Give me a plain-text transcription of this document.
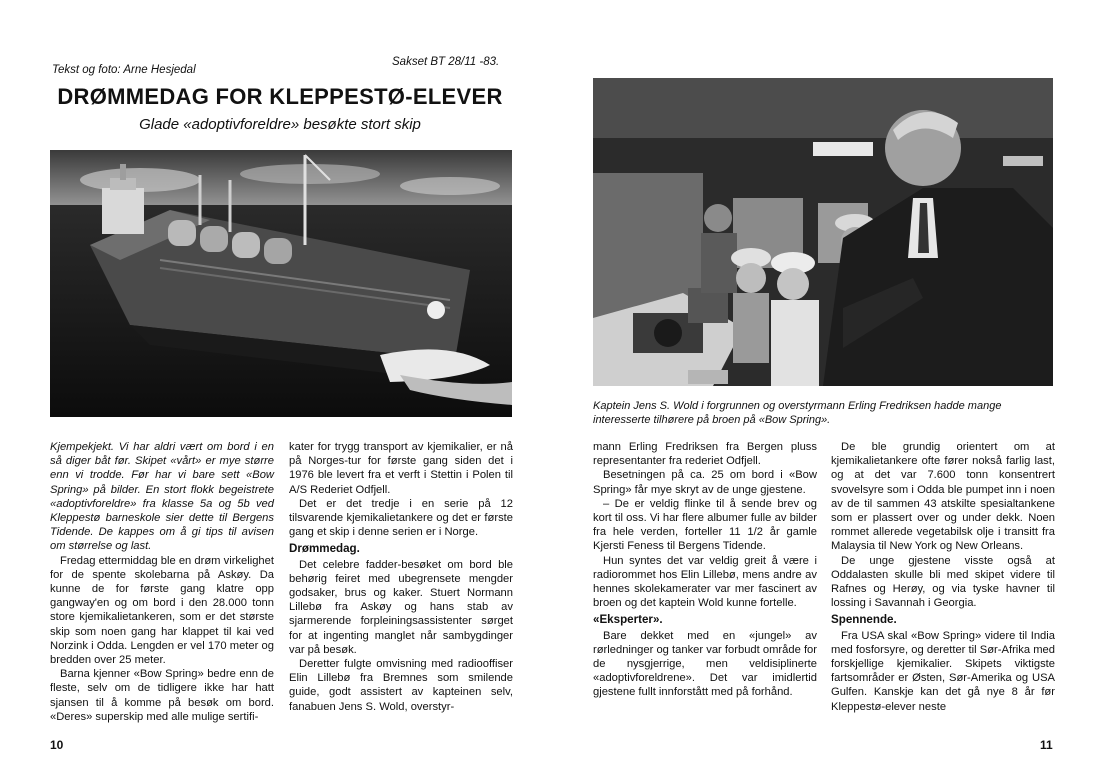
Tekst og foto: Arne Hesjedal
Sakset BT 28/11 -83.
DRØMMEDAG FOR KLEPPESTØ-ELEVER
Glade «adoptivforeldre» besøkte stort skip

Kjempekjekt. Vi har aldri vært om bord i en så diger båt før. Skipet «vårt» er mye større enn vi trodde. Før har vi bare sett «Bow Spring» på bilder. En stort flokk begeistrete «adoptivforeldre» fra klasse 5a og 5b ved Kleppestø barneskole sier dette til Bergens Tidende. De kappes om å gi tips til avisen om størrelse og last.

Fredag ettermiddag ble en drøm virkelighet for de spente skolebarna på Askøy. Da kunne de for første gang klatre opp gangway'en og om bord i den 28.000 tonn store kjemikalietankeren, som er det største skip som noen gang har klappet til kai ved Norzink i Odda. Lengden er vel 170 meter og bredden over 25 meter.

Barna kjenner «Bow Spring» bedre enn de fleste, selv om de tidligere ikke har hatt sjansen til å komme på besøk om bord. «Deres» superskip med alle mulige sertifi-

kater for trygg transport av kjemikalier, er nå på Norges-tur for første gang siden det i 1976 ble levert fra et verft i Stettin i Polen til A/S Rederiet Odfjell.

Det er det tredje i en serie på 12 tilsvarende kjemikalietankere og det er første gang et skip i denne serien er i Norge.

Drømmedag.

Det celebre fadder-besøket om bord ble behørig feiret med ubegrensete mengder godsaker, brus og kaker. Stuert Normann Lillebø fra Askøy og hans stab av sjarmerende forpleiningsassistenter sørget for at ingenting manglet når sambygdinger var på besøk.

Deretter fulgte omvisning med radiooffiser Elin Lillebø fra Bremnes som smilende guide, godt assistert av kapteinen selv, fanabuen Jens S. Wold, overstyr-

10
Kaptein Jens S. Wold i forgrunnen og overstyrmann Erling Fredriksen hadde mange interesserte tilhørere på broen på «Bow Spring».

mann Erling Fredriksen fra Bergen pluss representanter fra rederiet Odfjell.

Besetningen på ca. 25 om bord i «Bow Spring» får mye skryt av de unge gjestene.

– De er veldig flinke til å sende brev og kort til oss. Vi har flere albumer fulle av bilder fra hele verden, forteller 11 1/2 år gamle Kjersti Feness til Bergens Tidende.

Hun syntes det var veldig greit å være i radiorommet hos Elin Lillebø, mens andre av hennes skolekamerater var mer fascinert av broen og det kaptein Wold kunne fortelle.

«Eksperter».

Bare dekket med en «jungel» av rørledninger og tanker var forbudt område for de nysgjerrige, men veldisiplinerte «adoptivforeldrene». Det var imidlertid gjestene fullt innforstått med på forhånd.

De ble grundig orientert om at kjemikalietankere ofte fører nokså farlig last, og at det var 7.600 tonn konsentrert svovelsyre som i Odda ble pumpet inn i noen av de til sammen 43 atskilte spesialtankene som er plassert over og under dekk. Noen rommet allerede vegetabilsk olje i transitt fra Malaysia til New York og New Orleans.

De unge gjestene visste også at Oddalasten skulle bli med skipet videre til Rafnes og Herøy, og via tyske havner til lossing i Savannah i Georgia.

Spennende.

Fra USA skal «Bow Spring» videre til India med fosforsyre, og deretter til Sør-Afrika med forskjellige kjemikalier. Skipets viktigste fartsområder er Østen, Sør-Amerika og USA Gulfen. Kanskje kan det gå nye 8 år før Kleppestø-elever neste

11
